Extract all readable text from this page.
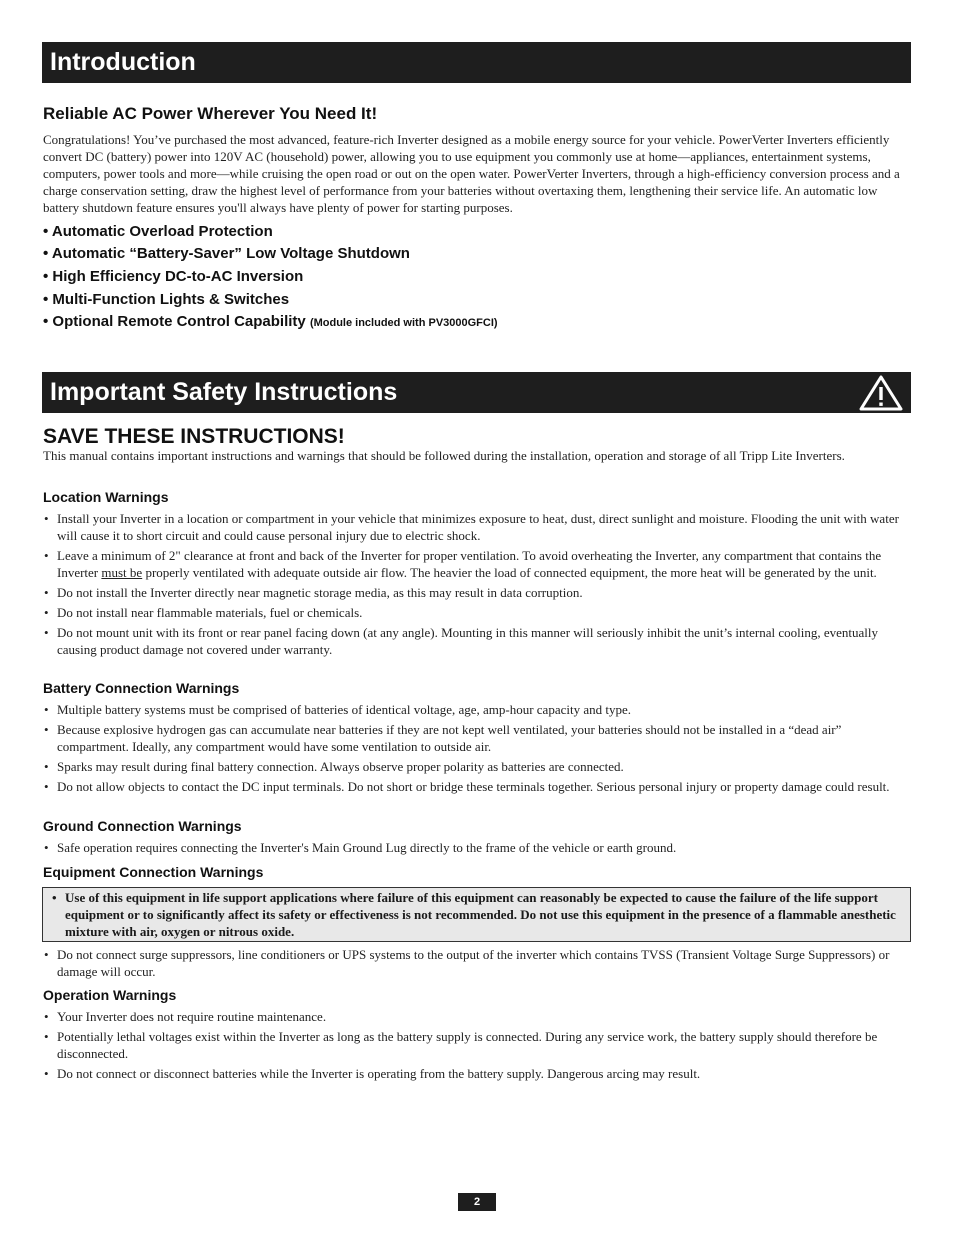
Introduction
Reliable AC Power Wherever You Need It!

Congratulations! You’ve purchased the most advanced, feature-rich Inverter designed as a mobile energy source for your vehicle. PowerVerter Inverters efficiently convert DC (battery) power into 120V AC (household) power, allowing you to use equipment you commonly use at home—appliances, entertainment systems, computers, power tools and more—while cruising the open road or out on the open water. PowerVerter Inverters, through a high-efficiency conversion process and a charge conservation setting, draw the highest level of performance from your batteries without overtaxing them, lengthening their service life. An automatic low battery shutdown feature ensures you'll always have plenty of power for starting purposes.

• Automatic Overload Protection
• Automatic “Battery-Saver” Low Voltage Shutdown
• High Efficiency DC-to-AC Inversion
• Multi-Function Lights & Switches
• Optional Remote Control Capability (Module included with PV3000GFCI)
Important Safety Instructions
SAVE THESE INSTRUCTIONS!

This manual contains important instructions and warnings that should be followed during the installation, operation and storage of all Tripp Lite Inverters.

Location Warnings
• Install your Inverter in a location or compartment in your vehicle that minimizes exposure to heat, dust, direct sunlight and moisture. Flooding the unit with water will cause it to short circuit and could cause personal injury due to electric shock.
• Leave a minimum of 2" clearance at front and back of the Inverter for proper ventilation. To avoid overheating the Inverter, any compartment that contains the Inverter must be properly ventilated with adequate outside air flow. The heavier the load of connected equipment, the more heat will be generated by the unit.
• Do not install the Inverter directly near magnetic storage media, as this may result in data corruption.
• Do not install near flammable materials, fuel or chemicals.
• Do not mount unit with its front or rear panel facing down (at any angle). Mounting in this manner will seriously inhibit the unit’s internal cooling, eventually causing product damage not covered under warranty.
Battery Connection Warnings
• Multiple battery systems must be comprised of batteries of identical voltage, age, amp-hour capacity and type.
• Because explosive hydrogen gas can accumulate near batteries if they are not kept well ventilated, your batteries should not be installed in a “dead air” compartment. Ideally, any compartment would have some ventilation to outside air.
• Sparks may result during final battery connection. Always observe proper polarity as batteries are connected.
• Do not allow objects to contact the DC input terminals. Do not short or bridge these terminals together. Serious personal injury or property damage could result.
Ground Connection Warnings
• Safe operation requires connecting the Inverter's Main Ground Lug directly to the frame of the vehicle or earth ground.
Equipment Connection Warnings
• Use of this equipment in life support applications where failure of this equipment can reasonably be expected to cause the failure of the life support equipment or to significantly affect its safety or effectiveness is not recommended. Do not use this equipment in the presence of a flammable anesthetic mixture with air, oxygen or nitrous oxide.
• Do not connect surge suppressors, line conditioners or UPS systems to the output of the inverter which contains TVSS (Transient Voltage Surge Suppressors) or damage will occur.
Operation Warnings
• Your Inverter does not require routine maintenance.
• Potentially lethal voltages exist within the Inverter as long as the battery supply is connected. During any service work, the battery supply should therefore be disconnected.
• Do not connect or disconnect batteries while the Inverter is operating from the battery supply. Dangerous arcing may result.
2
